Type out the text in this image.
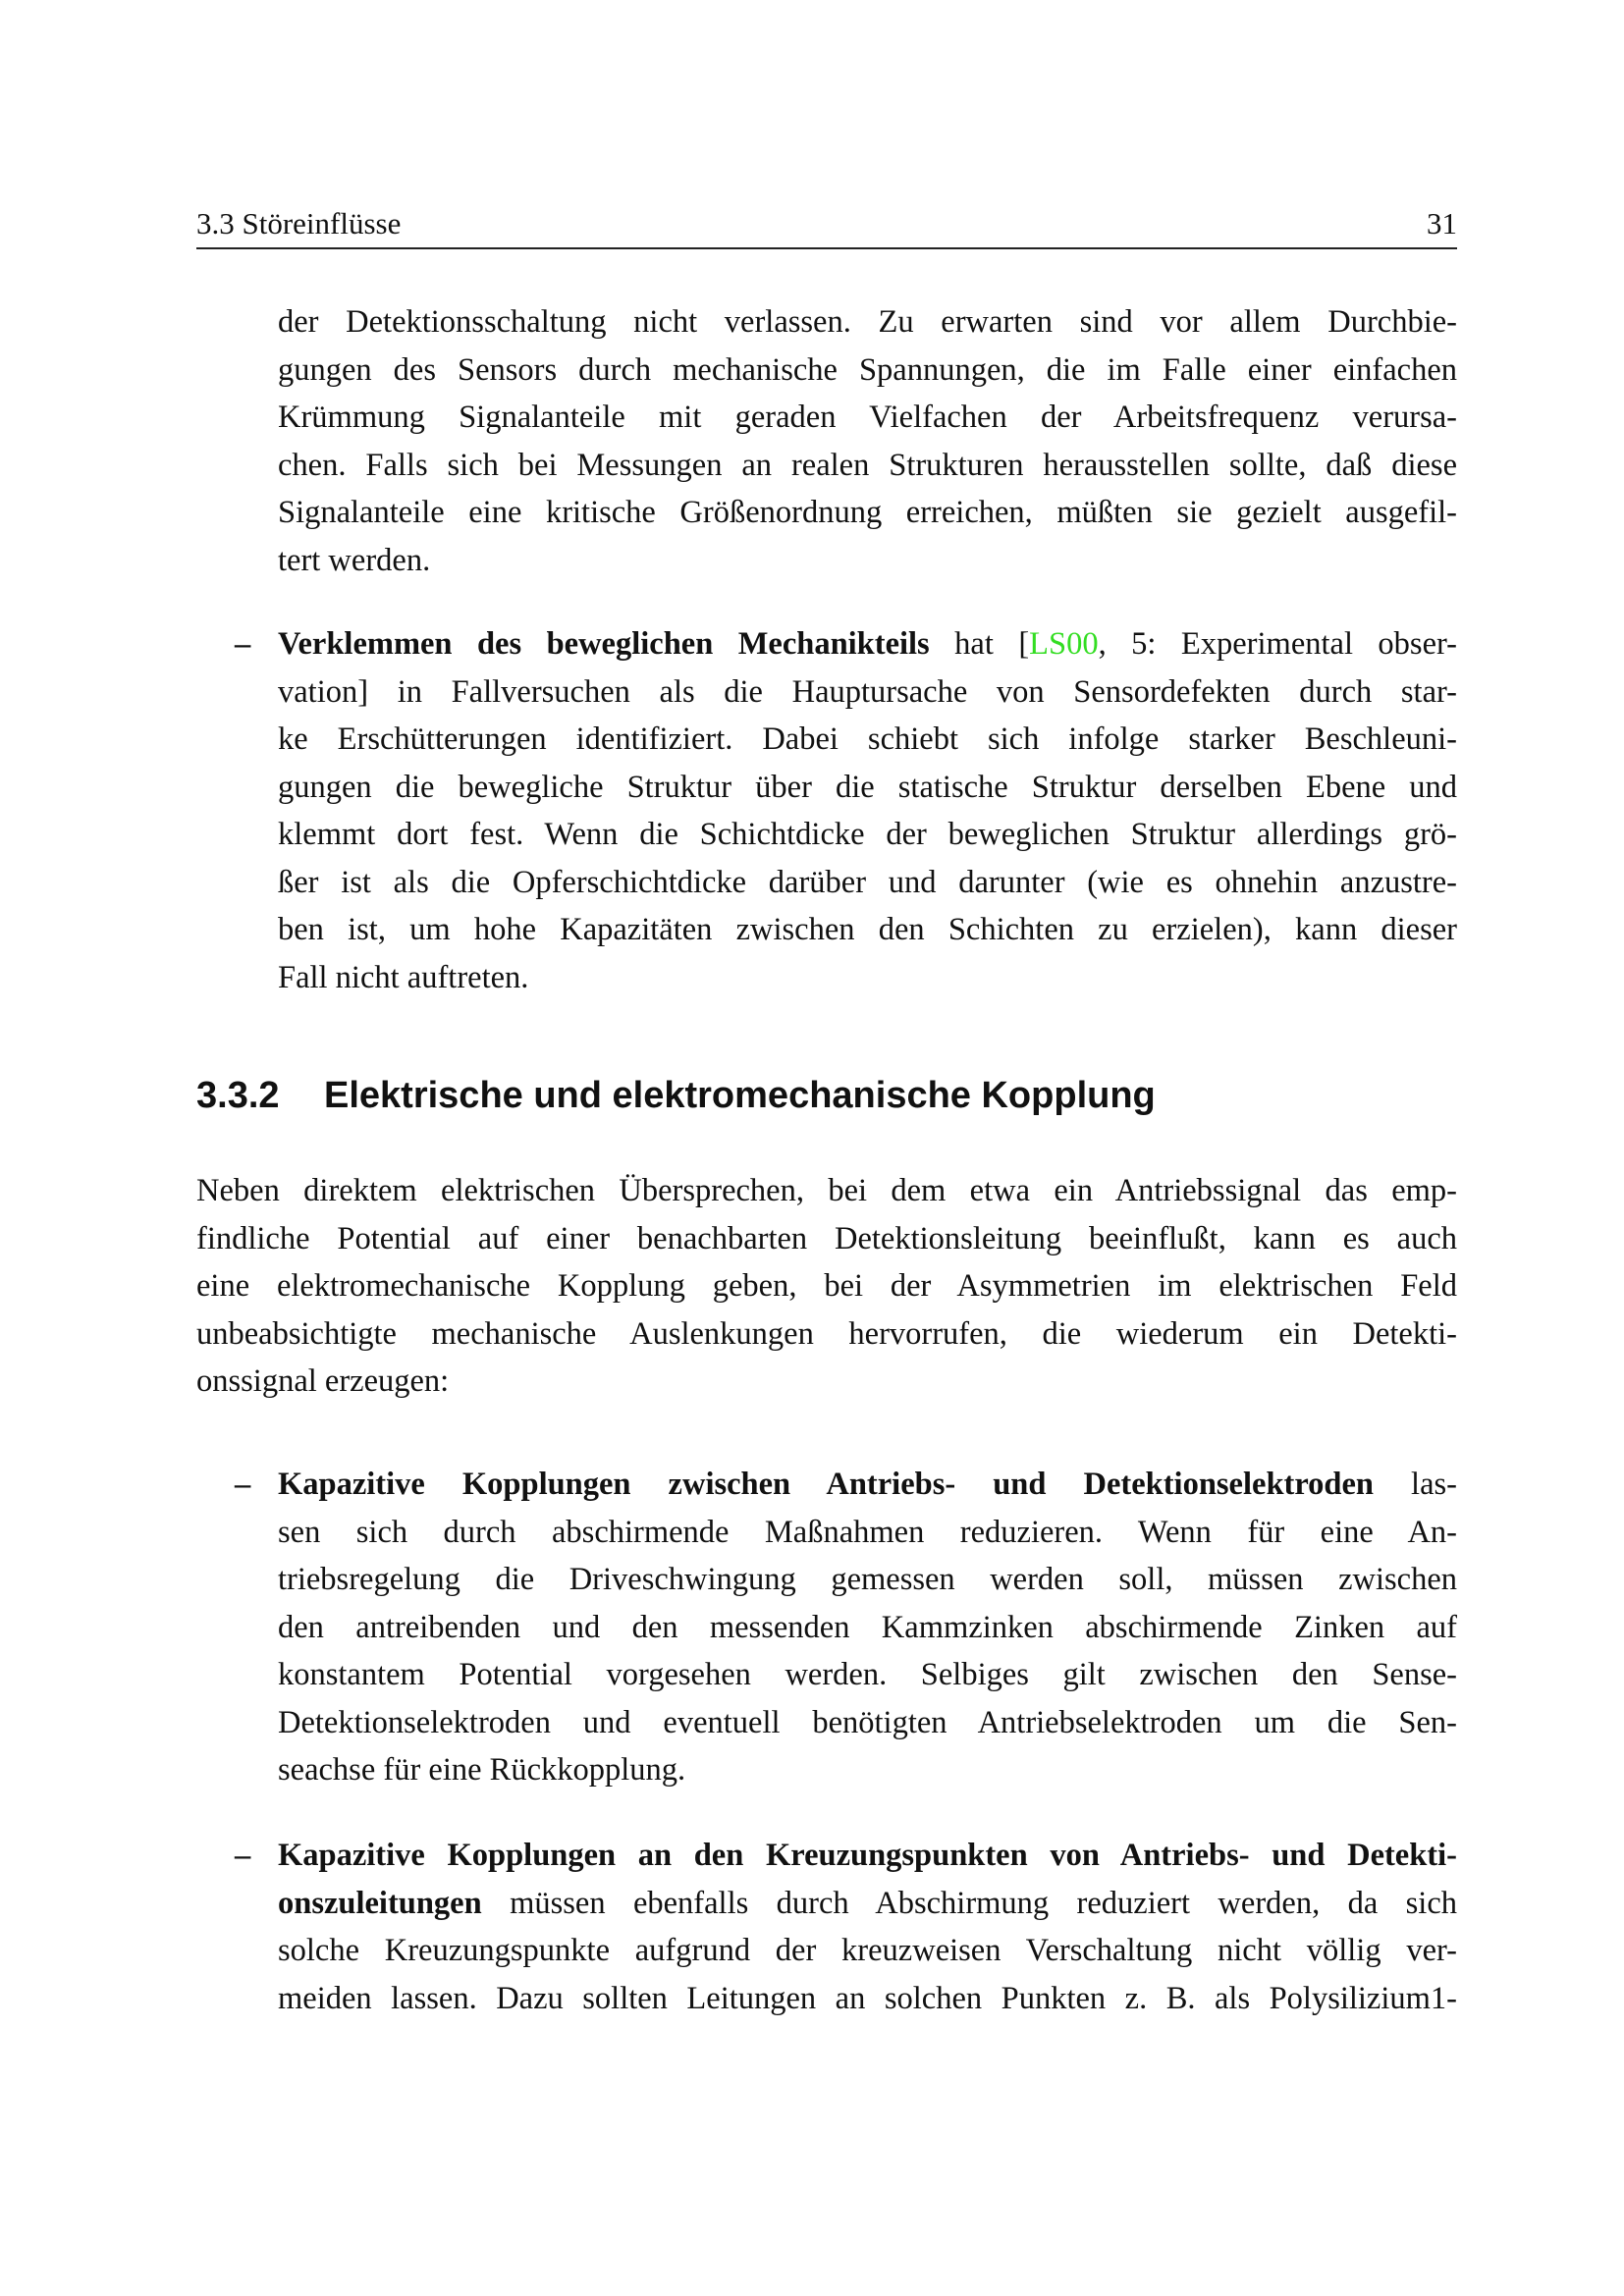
3.3 Störeinflüsse	31
der Detektionsschaltung nicht verlassen. Zu erwarten sind vor allem Durchbie-
gungen des Sensors durch mechanische Spannungen, die im Falle einer einfachen
Krümmung Signalanteile mit geraden Vielfachen der Arbeitsfrequenz verursa-
chen. Falls sich bei Messungen an realen Strukturen herausstellen sollte, daß diese
Signalanteile eine kritische Größenordnung erreichen, müßten sie gezielt ausgefil-
tert werden.
– Verklemmen des beweglichen Mechanikteils hat [LS00, 5: Experimental obser-
vation] in Fallversuchen als die Hauptursache von Sensordefekten durch star-
ke Erschütterungen identifiziert. Dabei schiebt sich infolge starker Beschleuni-
gungen die bewegliche Struktur über die statische Struktur derselben Ebene und
klemmt dort fest. Wenn die Schichtdicke der beweglichen Struktur allerdings grö-
ßer ist als die Opferschichtdicke darüber und darunter (wie es ohnehin anzustre-
ben ist, um hohe Kapazitäten zwischen den Schichten zu erzielen), kann dieser
Fall nicht auftreten.
3.3.2 Elektrische und elektromechanische Kopplung
Neben direktem elektrischen Übersprechen, bei dem etwa ein Antriebssignal das emp-
findliche Potential auf einer benachbarten Detektionsleitung beeinflußt, kann es auch
eine elektromechanische Kopplung geben, bei der Asymmetrien im elektrischen Feld
unbeabsichtigte mechanische Auslenkungen hervorrufen, die wiederum ein Detekti-
onssignal erzeugen:
– Kapazitive Kopplungen zwischen Antriebs- und Detektionselektroden las-
sen sich durch abschirmende Maßnahmen reduzieren. Wenn für eine An-
triebsregelung die Driveschwingung gemessen werden soll, müssen zwischen
den antreibenden und den messenden Kammzinken abschirmende Zinken auf
konstantem Potential vorgesehen werden. Selbiges gilt zwischen den Sense-
Detektionselektroden und eventuell benötigten Antriebselektroden um die Sen-
seachse für eine Rückkopplung.
– Kapazitive Kopplungen an den Kreuzungspunkten von Antriebs- und Detekti-
onszuleitungen müssen ebenfalls durch Abschirmung reduziert werden, da sich
solche Kreuzungspunkte aufgrund der kreuzweisen Verschaltung nicht völlig ver-
meiden lassen. Dazu sollten Leitungen an solchen Punkten z. B. als Polysilizium1-
